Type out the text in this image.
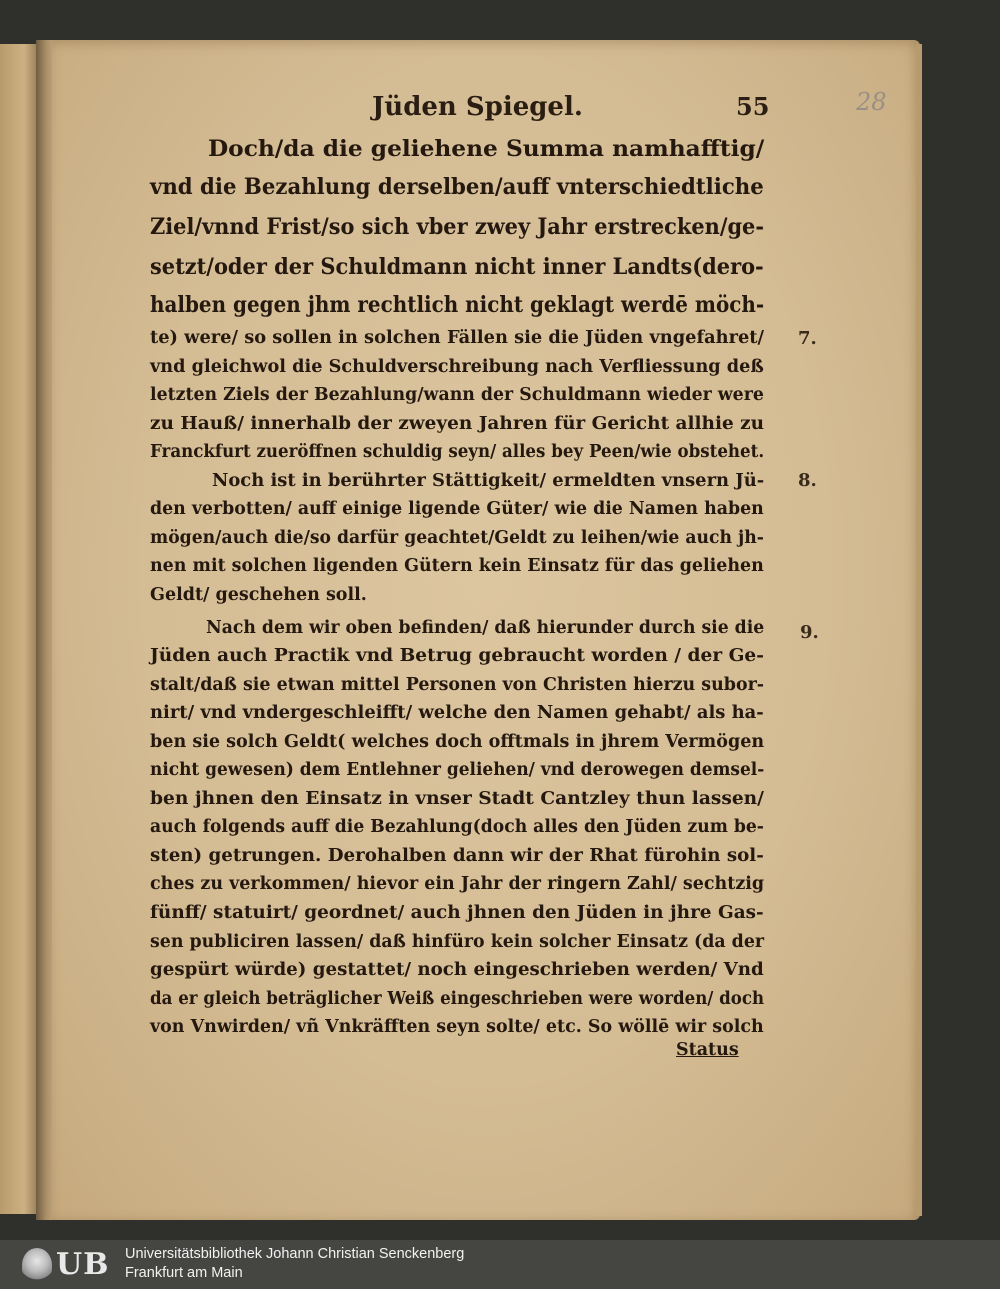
Jüden Spiegel.	55	28
Doch/da die geliehene Summa namhafftig/
vnd die Bezahlung derselben/auff vnterschiedtliche
Ziel/vnnd Frist/so sich vber zwey Jahr erstrecken/ge-
setzt/oder der Schuldmann nicht inner Landts(dero-
halben gegen jhm rechtlich nicht geklagt werdē möch-
te) were/ so sollen in solchen Fällen sie die Jüden vngefahret/
vnd gleichwol die Schuldverschreibung nach Verfliessung deß
letzten Ziels der Bezahlung/wann der Schuldmann wieder were
zu Hauß/ innerhalb der zweyen Jahren für Gericht allhie zu
Franckfurt zueröffnen schuldig seyn/ alles bey Peen/wie obstehet.
Noch ist in berührter Stättigkeit/ ermeldten vnsern Jü-
den verbotten/ auff einige ligende Güter/ wie die Namen haben
mögen/auch die/so darfür geachtet/Geldt zu leihen/wie auch jh-
nen mit solchen ligenden Gütern kein Einsatz für das geliehen
Geldt/ geschehen soll.
Nach dem wir oben befinden/ daß hierunder durch sie die
Jüden auch Practik vnd Betrug gebraucht worden / der Ge-
stalt/daß sie etwan mittel Personen von Christen hierzu subor-
nirt/ vnd vndergeschleifft/ welche den Namen gehabt/ als ha-
ben sie solch Geldt( welches doch offtmals in jhrem Vermögen
nicht gewesen) dem Entlehner geliehen/ vnd derowegen demsel-
ben jhnen den Einsatz in vnser Stadt Cantzley thun lassen/
auch folgends auff die Bezahlung(doch alles den Jüden zum be-
sten) getrungen. Derohalben dann wir der Rhat fürohin sol-
ches zu verkommen/ hievor ein Jahr der ringern Zahl/ sechtzig
fünff/ statuirt/ geordnet/ auch jhnen den Jüden in jhre Gas-
sen publiciren lassen/ daß hinfüro kein solcher Einsatz (da der
gespürt würde) gestattet/ noch eingeschrieben werden/ Vnd
da er gleich beträglicher Weiß eingeschrieben were worden/ doch
von Vnwirden/ vñ Vnkräfften seyn solte/ etc. So wöllē wir solch
7.
8.
9.
Status
UB Universitätsbibliothek Johann Christian Senckenberg
Frankfurt am Main
